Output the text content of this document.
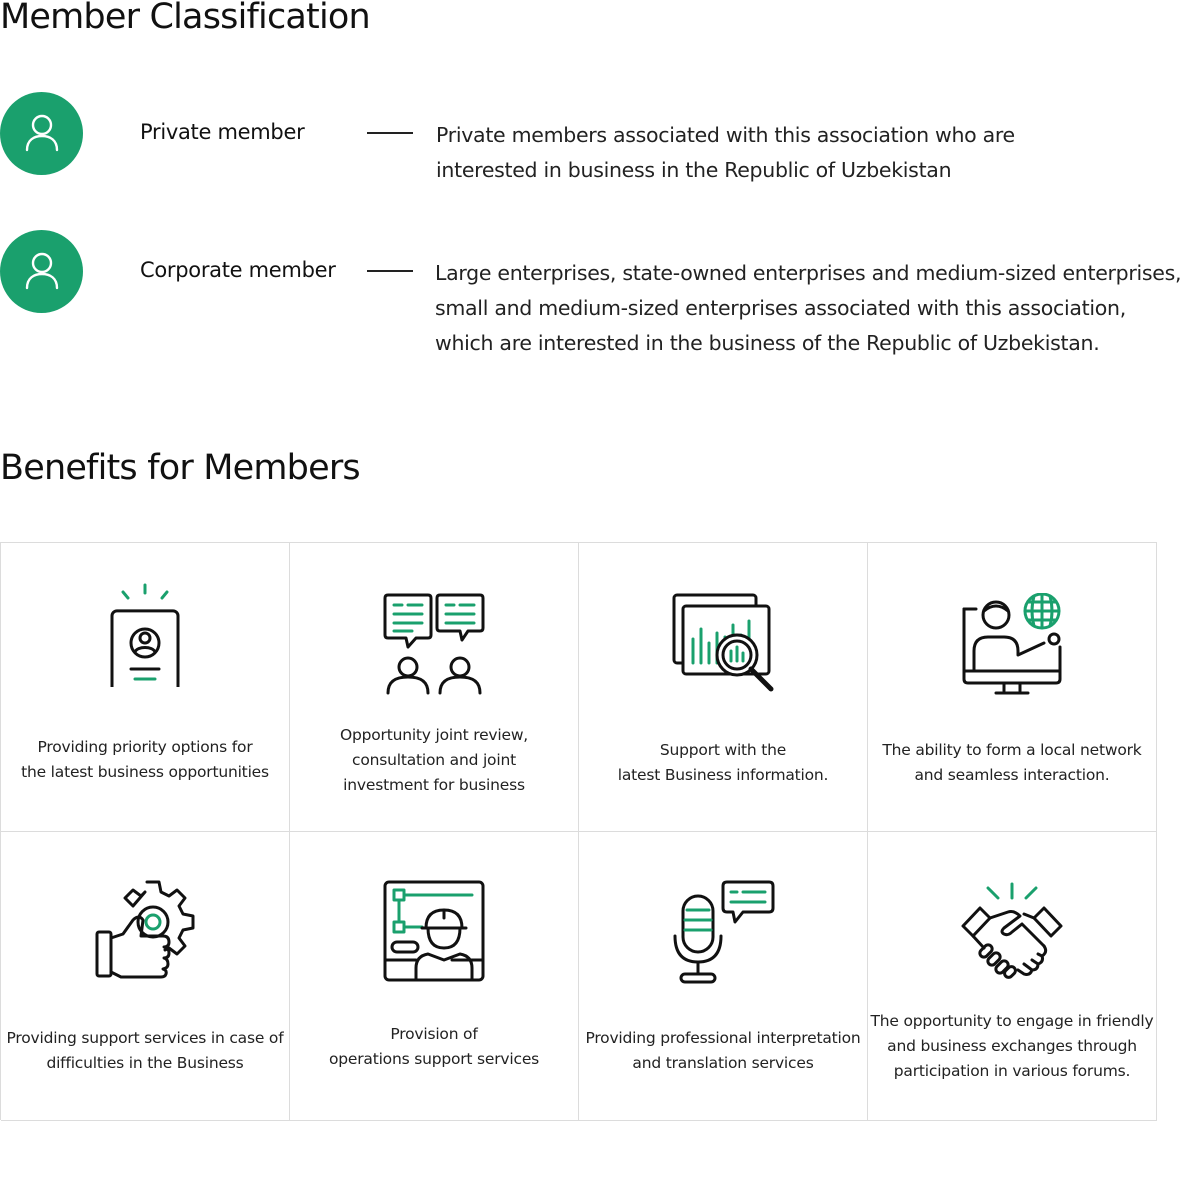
Member Classification
Private member	Private members associated with this association who are
interested in business in the Republic of Uzbekistan
Corporate member	Large enterprises, state-owned enterprises and medium-sized enterprises,
small and medium-sized enterprises associated with this association,
which are interested in the business of the Republic of Uzbekistan.
Benefits for Members
Providing priority options for
the latest business opportunities
Opportunity joint review,
consultation and joint
investment for business
Support with the
latest Business information.
The ability to form a local network
and seamless interaction.
Providing support services in case of
difficulties in the Business
Provision of
operations support services
Providing professional interpretation
and translation services
The opportunity to engage in friendly
and business exchanges through
participation in various forums.
